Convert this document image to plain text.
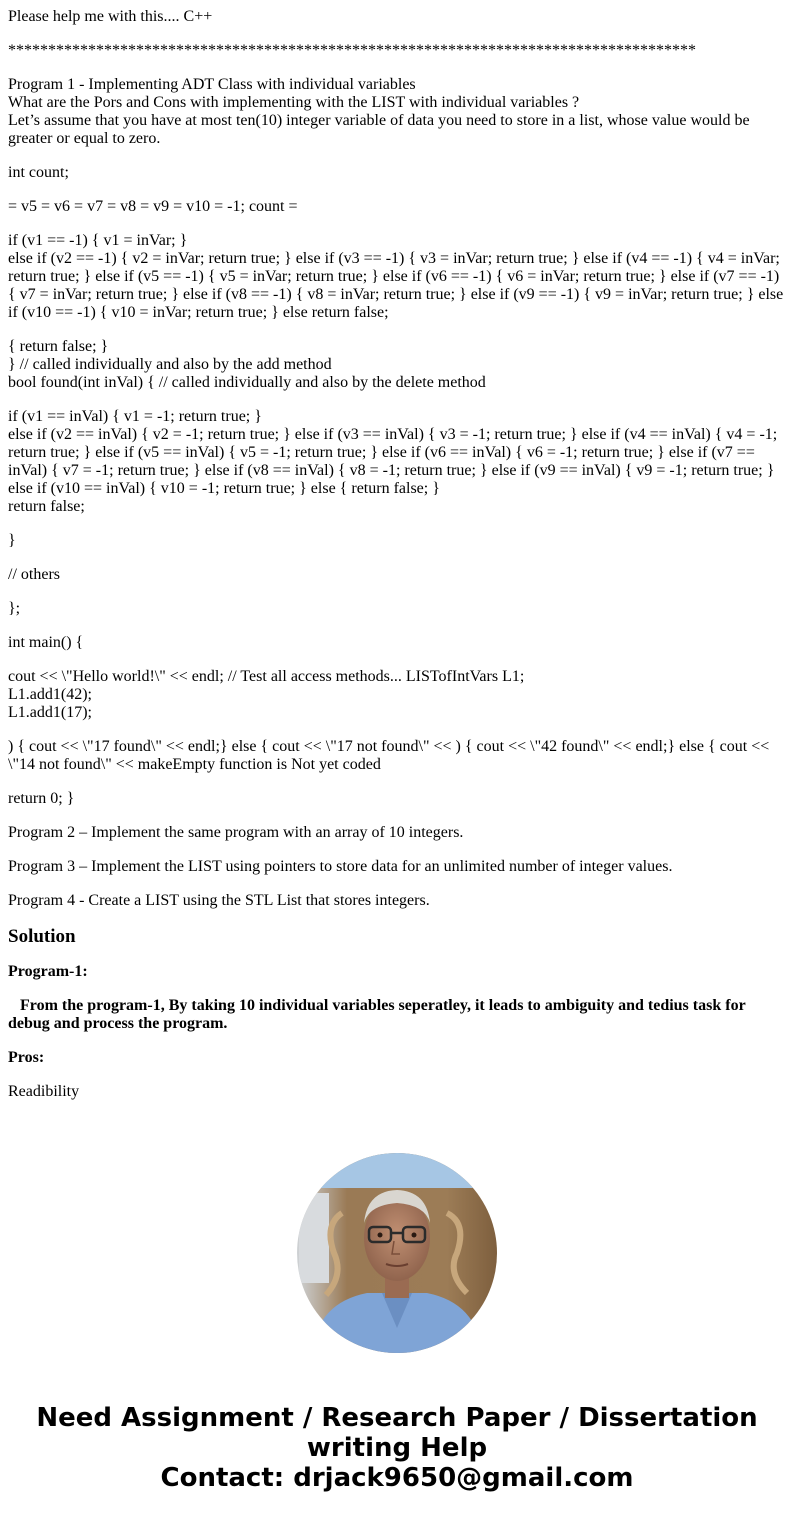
Please help me with this.... C++

**************************************************************************************

Program 1 - Implementing ADT Class with individual variables
What are the Pors and Cons with implementing with the LIST with individual variables ?
Let’s assume that you have at most ten(10) integer variable of data you need to store in a list, whose value would be greater or equal to zero.

int count;

= v5 = v6 = v7 = v8 = v9 = v10 = -1; count =

if (v1 == -1) { v1 = inVar; }
else if (v2 == -1) { v2 = inVar; return true; } else if (v3 == -1) { v3 = inVar; return true; } else if (v4 == -1) { v4 = inVar; return true; } else if (v5 == -1) { v5 = inVar; return true; } else if (v6 == -1) { v6 = inVar; return true; } else if (v7 == -1) { v7 = inVar; return true; } else if (v8 == -1) { v8 = inVar; return true; } else if (v9 == -1) { v9 = inVar; return true; } else if (v10 == -1) { v10 = inVar; return true; } else return false;
{ return false; }
} // called individually and also by the add method
bool found(int inVal) { // called individually and also by the delete method
if (v1 == inVal) { v1 = -1; return true; }
else if (v2 == inVal) { v2 = -1; return true; } else if (v3 == inVal) { v3 = -1; return true; } else if (v4 == inVal) { v4 = -1; return true; } else if (v5 == inVal) { v5 = -1; return true; } else if (v6 == inVal) { v6 = -1; return true; } else if (v7 == inVal) { v7 = -1; return true; } else if (v8 == inVal) { v8 = -1; return true; } else if (v9 == inVal) { v9 = -1; return true; } else if (v10 == inVal) { v10 = -1; return true; } else { return false; }
return false;

}

// others

};

int main() {

cout << \"Hello world!\" << endl; // Test all access methods... LISTofIntVars L1;
L1.add1(42);
L1.add1(17);

) { cout << \"17 found\" << endl;} else { cout << \"17 not found\" << ) { cout << \"42 found\" << endl;} else { cout << \"14 not found\" << makeEmpty function is Not yet coded

return 0; }

Program 2 – Implement the same program with an array of 10 integers.

Program 3 – Implement the LIST using pointers to store data for an unlimited number of integer values.

Program 4 - Create a LIST using the STL List that stores integers.

Solution

Program-1:

From the program-1, By taking 10 individual variables seperatley, it leads to ambiguity and tedius task for debug and process the program.

Pros:

Readibility

Need Assignment / Research Paper / Dissertation writing Help
Contact: drjack9650@gmail.com
